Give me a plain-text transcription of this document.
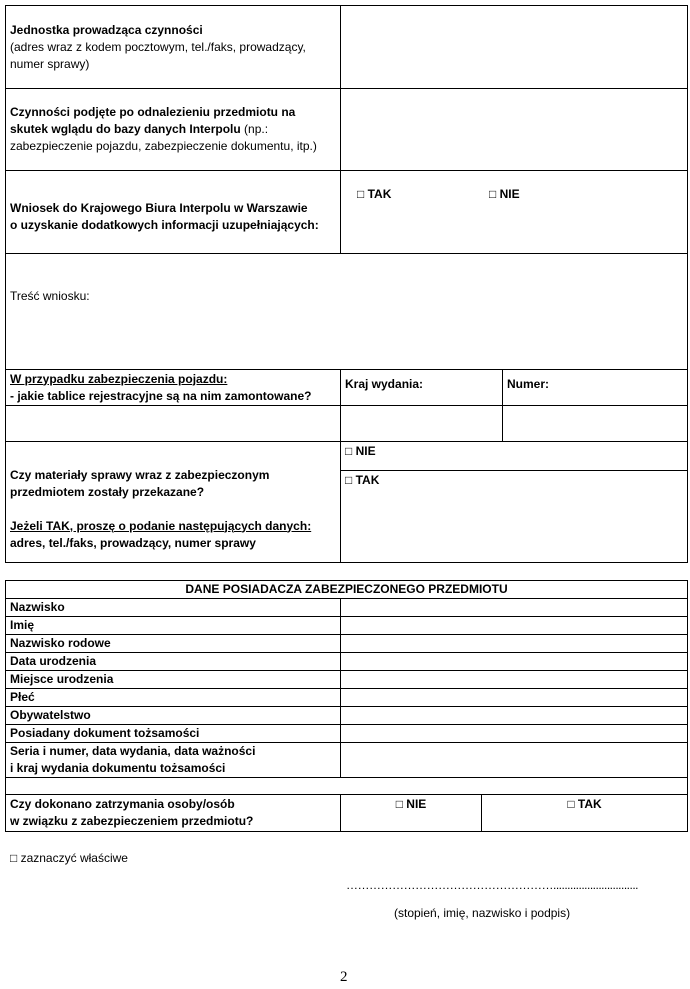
Jednostka prowadząca czynności
(adres wraz z kodem pocztowym, tel./faks, prowadzący, numer sprawy)		
Czynności podjęte po odnalezieniu przedmiotu na skutek wglądu do bazy danych Interpolu (np.: zabezpieczenie pojazdu, zabezpieczenie dokumentu, itp.)		
Wniosek do Krajowego Biura Interpolu w Warszawie
o uzyskanie dodatkowych informacji uzupełniających:	□ TAK □ NIE	

Treść wniosku:		
W przypadku zabezpieczenia pojazdu:
- jakie tablice rejestracyjne są na nim zamontowane?	Kraj wydania:	Numer:

Czy materiały sprawy wraz z zabezpieczonym
przedmiotem zostały przekazane?

Jeżeli TAK, proszę o podanie następujących danych:
adres, tel./faks, prowadzący, numer sprawy	□ NIE	
	□ TAK	
DANE POSIADACZA ZABEZPIECZONEGO PRZEDMIOTU		
Nazwisko		
Imię		
Nazwisko rodowe		
Data urodzenia		
Miejsce urodzenia		
Płeć		
Obywatelstwo		
Posiadany dokument tożsamości		
Seria i numer, data wydania, data ważności
i kraj wydania dokumentu tożsamości		

Czy dokonano zatrzymania osoby/osób
w związku z zabezpieczeniem przedmiotu?	□ NIE	□ TAK
□ zaznaczyć właściwe
………………………………………………..............................
(stopień, imię, nazwisko i podpis)
2
